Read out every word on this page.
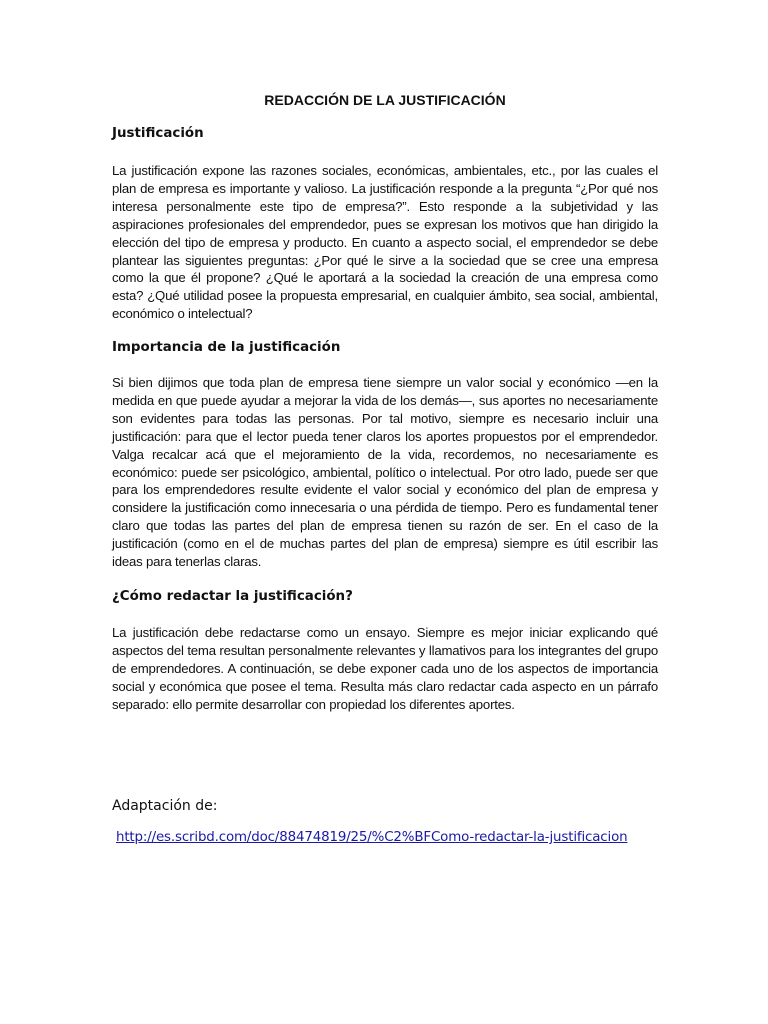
REDACCIÓN DE LA JUSTIFICACIÓN
Justificación

La justificación expone las razones sociales, económicas, ambientales, etc., por las cuales el plan de empresa es importante y valioso. La justificación responde a la pregunta “¿Por qué nos interesa personalmente este tipo de empresa?”. Esto responde a la subjetividad y las aspiraciones profesionales del emprendedor, pues se expresan los motivos que han dirigido la elección del tipo de empresa y producto. En cuanto a aspecto social, el emprendedor se debe plantear las siguientes preguntas: ¿Por qué le sirve a la sociedad que se cree una empresa como la que él propone? ¿Qué le aportará a la sociedad la creación de una empresa como esta? ¿Qué utilidad posee la propuesta empresarial, en cualquier ámbito, sea social, ambiental, económico o intelectual?

Importancia de la justificación

Si bien dijimos que toda plan de empresa tiene siempre un valor social y económico —en la medida en que puede ayudar a mejorar la vida de los demás—, sus aportes no necesariamente son evidentes para todas las personas. Por tal motivo, siempre es necesario incluir una justificación: para que el lector pueda tener claros los aportes propuestos por el emprendedor. Valga recalcar acá que el mejoramiento de la vida, recordemos, no necesariamente es económico: puede ser psicológico, ambiental, político o intelectual. Por otro lado, puede ser que para los emprendedores resulte evidente el valor social y económico del plan de empresa y considere la justificación como innecesaria o una pérdida de tiempo. Pero es fundamental tener claro que todas las partes del plan de empresa tienen su razón de ser. En el caso de la justificación (como en el de muchas partes del plan de empresa) siempre es útil escribir las ideas para tenerlas claras.

¿Cómo redactar la justificación?

La justificación debe redactarse como un ensayo. Siempre es mejor iniciar explicando qué aspectos del tema resultan personalmente relevantes y llamativos para los integrantes del grupo de emprendedores. A continuación, se debe exponer cada uno de los aspectos de importancia social y económica que posee el tema. Resulta más claro redactar cada aspecto en un párrafo separado: ello permite desarrollar con propiedad los diferentes aportes.

Adaptación de:

http://es.scribd.com/doc/88474819/25/%C2%BFComo-redactar-la-justificacion
